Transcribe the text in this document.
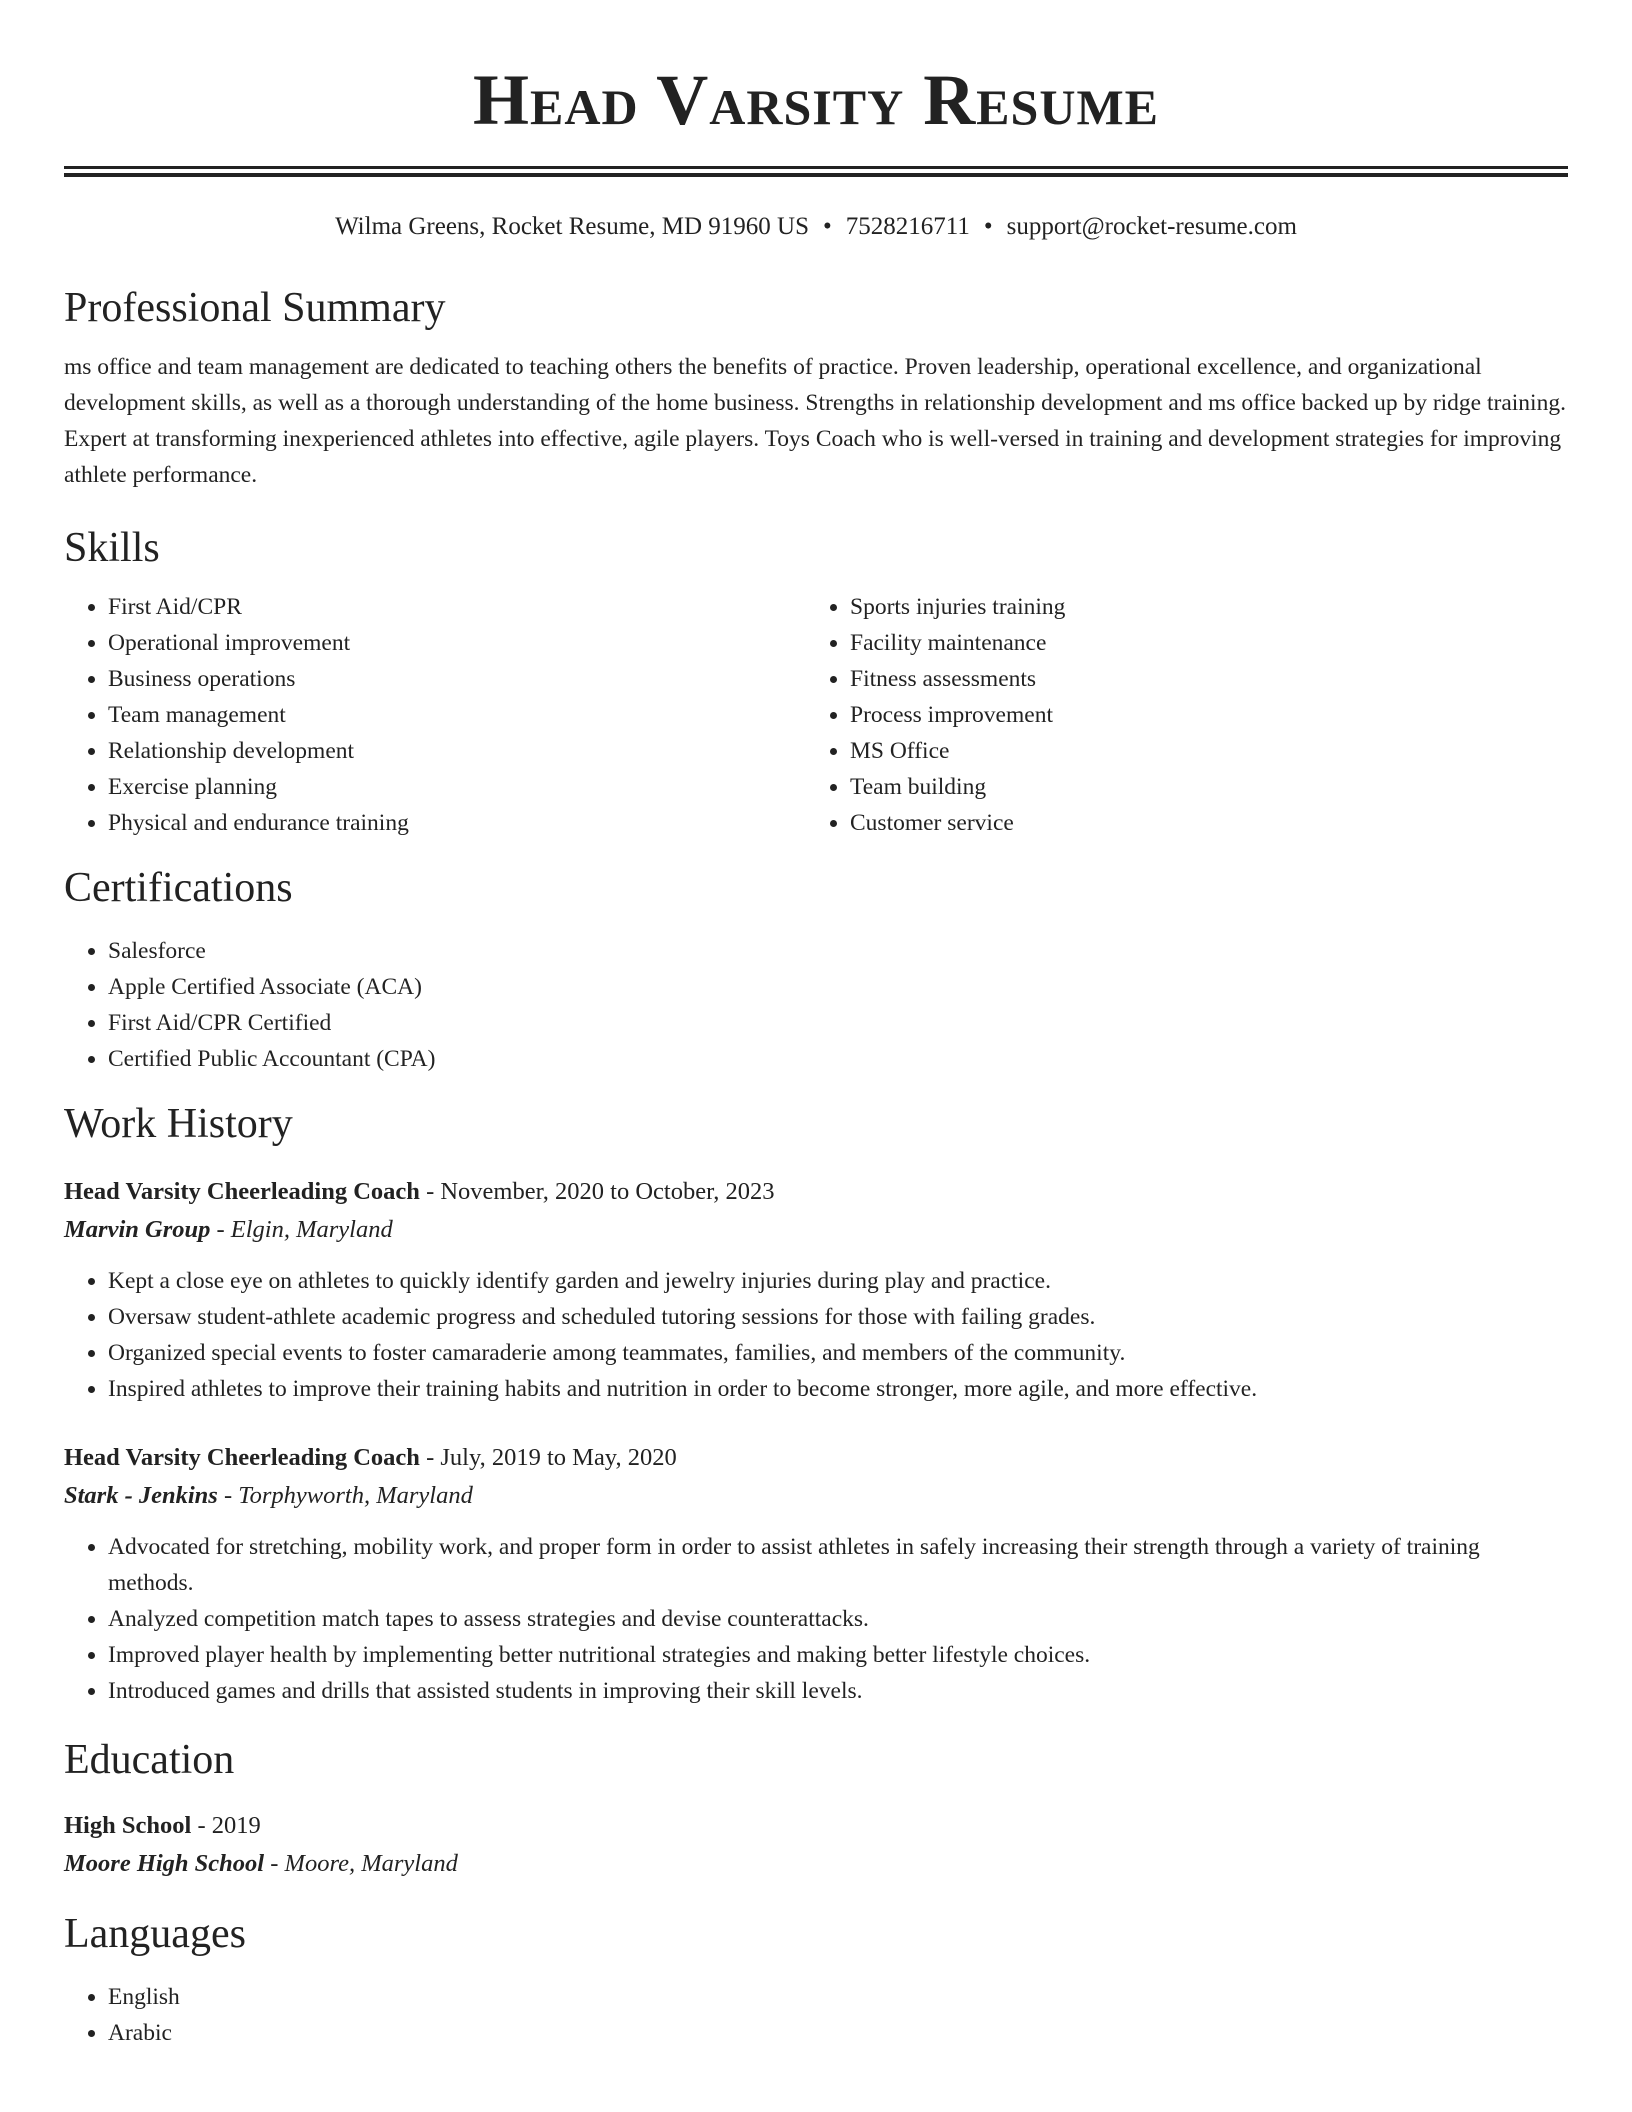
Head Varsity Resume
Wilma Greens, Rocket Resume, MD 91960 US • 7528216711 • support@rocket-resume.com
Professional Summary

ms office and team management are dedicated to teaching others the benefits of practice. Proven leadership, operational excellence, and organizational development skills, as well as a thorough understanding of the home business. Strengths in relationship development and ms office backed up by ridge training. Expert at transforming inexperienced athletes into effective, agile players. Toys Coach who is well-versed in training and development strategies for improving athlete performance.

Skills
• First Aid/CPR
• Operational improvement
• Business operations
• Team management
• Relationship development
• Exercise planning
• Physical and endurance training
• Sports injuries training
• Facility maintenance
• Fitness assessments
• Process improvement
• MS Office
• Team building
• Customer service
Certifications
• Salesforce
• Apple Certified Associate (ACA)
• First Aid/CPR Certified
• Certified Public Accountant (CPA)
Work History
Head Varsity Cheerleading Coach - November, 2020 to October, 2023
Marvin Group - Elgin, Maryland
• Kept a close eye on athletes to quickly identify garden and jewelry injuries during play and practice.
• Oversaw student-athlete academic progress and scheduled tutoring sessions for those with failing grades.
• Organized special events to foster camaraderie among teammates, families, and members of the community.
• Inspired athletes to improve their training habits and nutrition in order to become stronger, more agile, and more effective.
Head Varsity Cheerleading Coach - July, 2019 to May, 2020
Stark - Jenkins - Torphyworth, Maryland
• Advocated for stretching, mobility work, and proper form in order to assist athletes in safely increasing their strength through a variety of training methods.
• Analyzed competition match tapes to assess strategies and devise counterattacks.
• Improved player health by implementing better nutritional strategies and making better lifestyle choices.
• Introduced games and drills that assisted students in improving their skill levels.
Education
High School - 2019
Moore High School - Moore, Maryland
Languages
• English
• Arabic
